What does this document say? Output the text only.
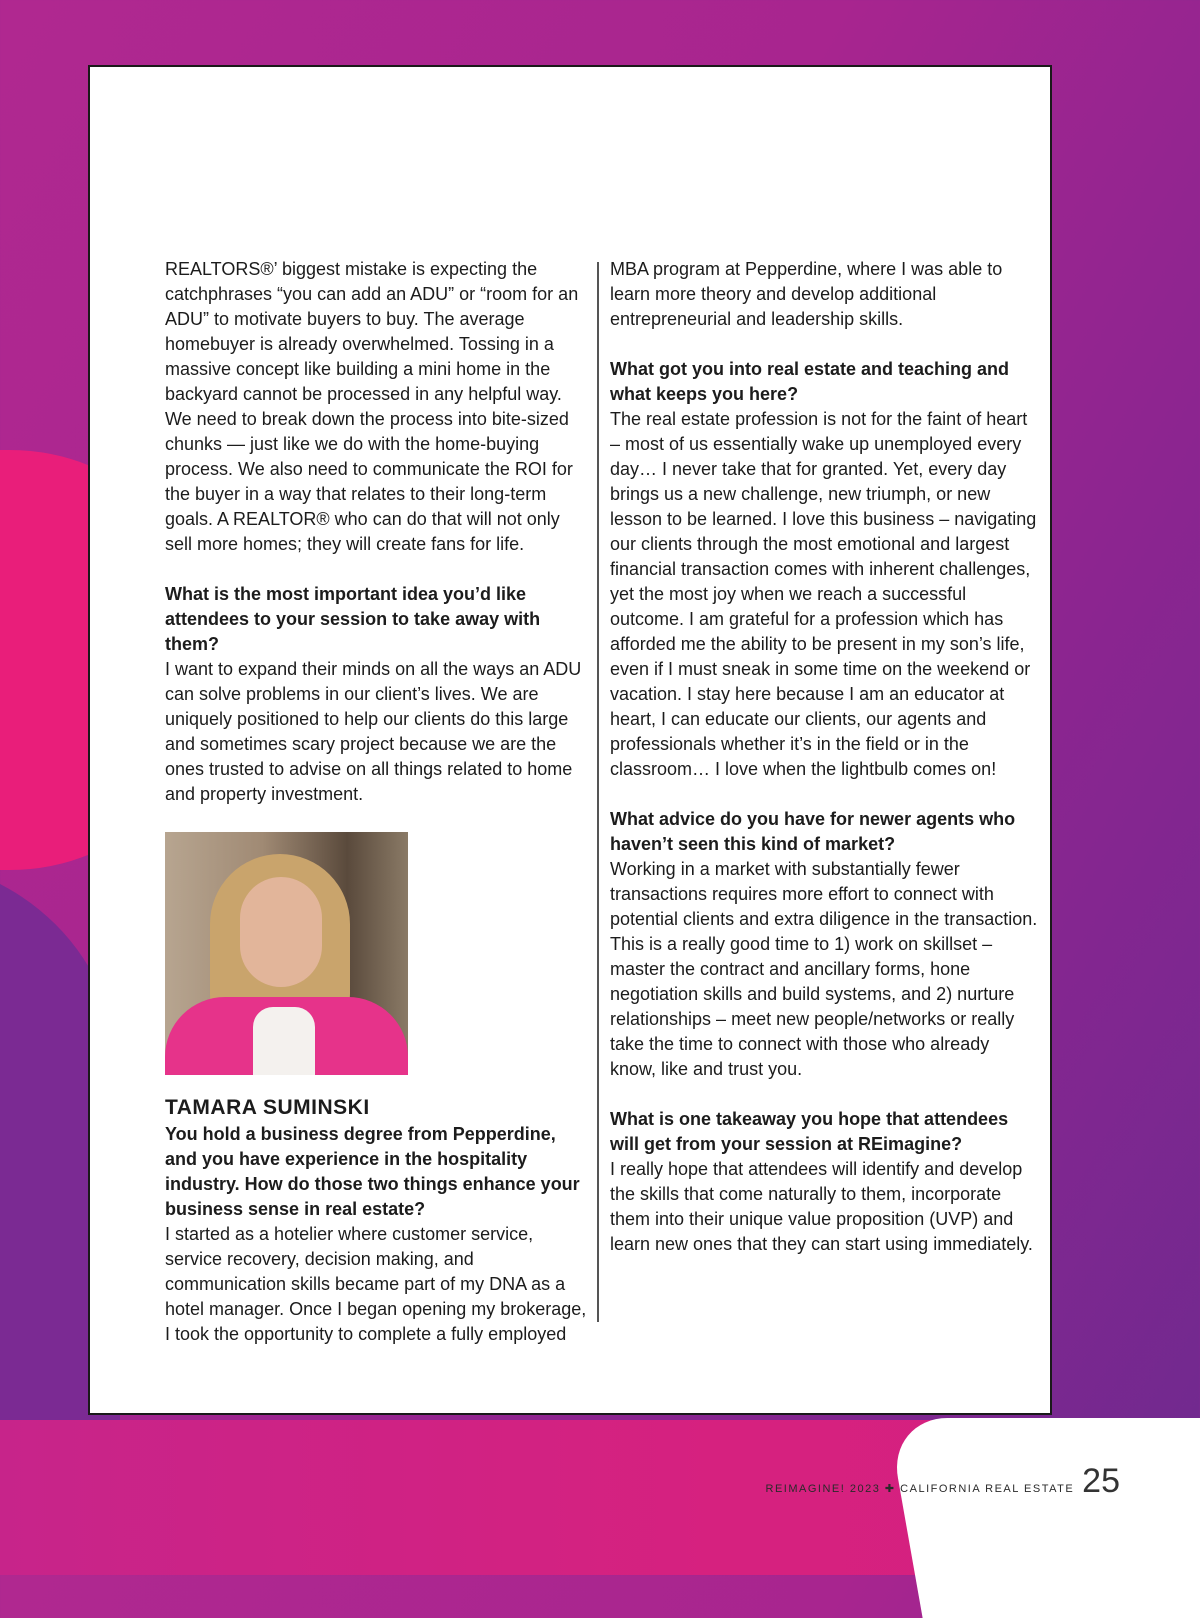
REALTORS®’ biggest mistake is expecting the catchphrases “you can add an ADU” or “room for an ADU” to motivate buyers to buy. The average homebuyer is already overwhelmed. Tossing in a massive concept like building a mini home in the backyard cannot be processed in any helpful way. We need to break down the process into bite-sized chunks — just like we do with the home-buying process. We also need to communicate the ROI for the buyer in a way that relates to their long-term goals. A REALTOR® who can do that will not only sell more homes; they will create fans for life.

What is the most important idea you’d like attendees to your session to take away with them?

I want to expand their minds on all the ways an ADU can solve problems in our client’s lives. We are uniquely positioned to help our clients do this large and sometimes scary project because we are the ones trusted to advise on all things related to home and property investment.

TAMARA SUMINSKI

You hold a business degree from Pepperdine, and you have experience in the hospitality industry. How do those two things enhance your business sense in real estate?

I started as a hotelier where customer service, service recovery, decision making, and communication skills became part of my DNA as a hotel manager. Once I began opening my brokerage, I took the opportunity to complete a fully employed

MBA program at Pepperdine, where I was able to learn more theory and develop additional entrepreneurial and leadership skills.

What got you into real estate and teaching and what keeps you here?

The real estate profession is not for the faint of heart – most of us essentially wake up unemployed every day… I never take that for granted. Yet, every day brings us a new challenge, new triumph, or new lesson to be learned. I love this business – navigating our clients through the most emotional and largest financial transaction comes with inherent challenges, yet the most joy when we reach a successful outcome. I am grateful for a profession which has afforded me the ability to be present in my son’s life, even if I must sneak in some time on the weekend or vacation. I stay here because I am an educator at heart, I can educate our clients, our agents and professionals whether it’s in the field or in the classroom… I love when the lightbulb comes on!

What advice do you have for newer agents who haven’t seen this kind of market?

Working in a market with substantially fewer transactions requires more effort to connect with potential clients and extra diligence in the transaction. This is a really good time to 1) work on skillset – master the contract and ancillary forms, hone negotiation skills and build systems, and 2) nurture relationships – meet new people/networks or really take the time to connect with those who already know, like and trust you.

What is one takeaway you hope that attendees will get from your session at REimagine?

I really hope that attendees will identify and develop the skills that come naturally to them, incorporate them into their unique value proposition (UVP) and learn new ones that they can start using immediately.

REIMAGINE! 2023 ✚ CALIFORNIA REAL ESTATE 25
